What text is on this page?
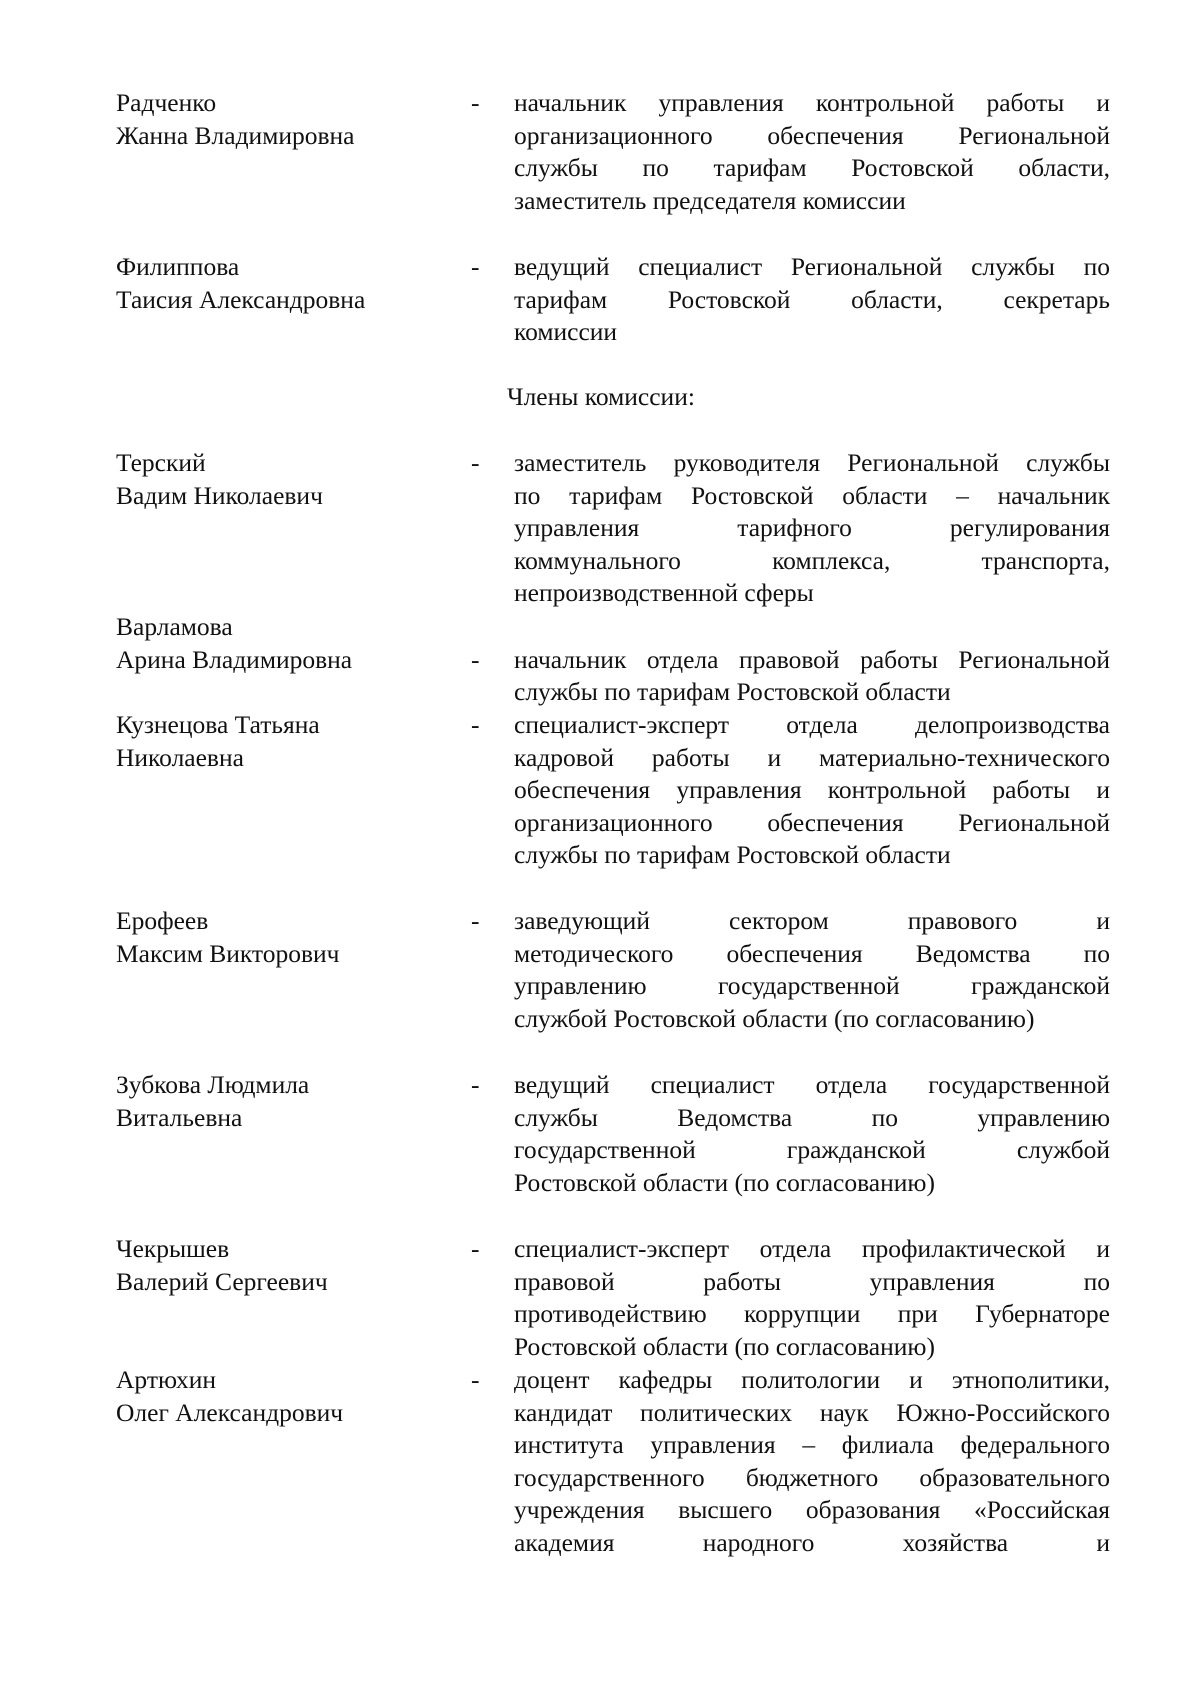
Радченко
Жанна Владимировна
- начальник управления контрольной работы и
организационного обеспечения Региональной
службы по тарифам Ростовской области,
заместитель председателя комиссии
Филиппова
Таисия Александровна
- ведущий специалист Региональной службы по
тарифам Ростовской области, секретарь
комиссии
Члены комиссии:
Терский
Вадим Николаевич
- заместитель руководителя Региональной службы
по тарифам Ростовской области – начальник
управления тарифного регулирования
коммунального комплекса, транспорта,
непроизводственной сферы
Варламова
Арина Владимировна	- начальник отдела правовой работы Региональной
службы по тарифам Ростовской области
Кузнецова Татьяна
Николаевна
- специалист-эксперт отдела делопроизводства
кадровой работы и материально-технического
обеспечения управления контрольной работы и
организационного обеспечения Региональной
службы по тарифам Ростовской области
Ерофеев
Максим Викторович
- заведующий сектором правового и
методического обеспечения Ведомства по
управлению государственной гражданской
службой Ростовской области (по согласованию)
Зубкова Людмила
Витальевна
- ведущий специалист отдела государственной
службы Ведомства по управлению
государственной гражданской службой
Ростовской области (по согласованию)
Чекрышев
Валерий Сергеевич
- специалист-эксперт отдела профилактической и
правовой работы управления по
противодействию коррупции при Губернаторе
Ростовской области (по согласованию)
Артюхин
Олег Александрович
- доцент кафедры политологии и этнополитики,
кандидат политических наук Южно-Российского
института управления – филиала федерального
государственного бюджетного образовательного
учреждения высшего образования «Российская
академия народного хозяйства и
